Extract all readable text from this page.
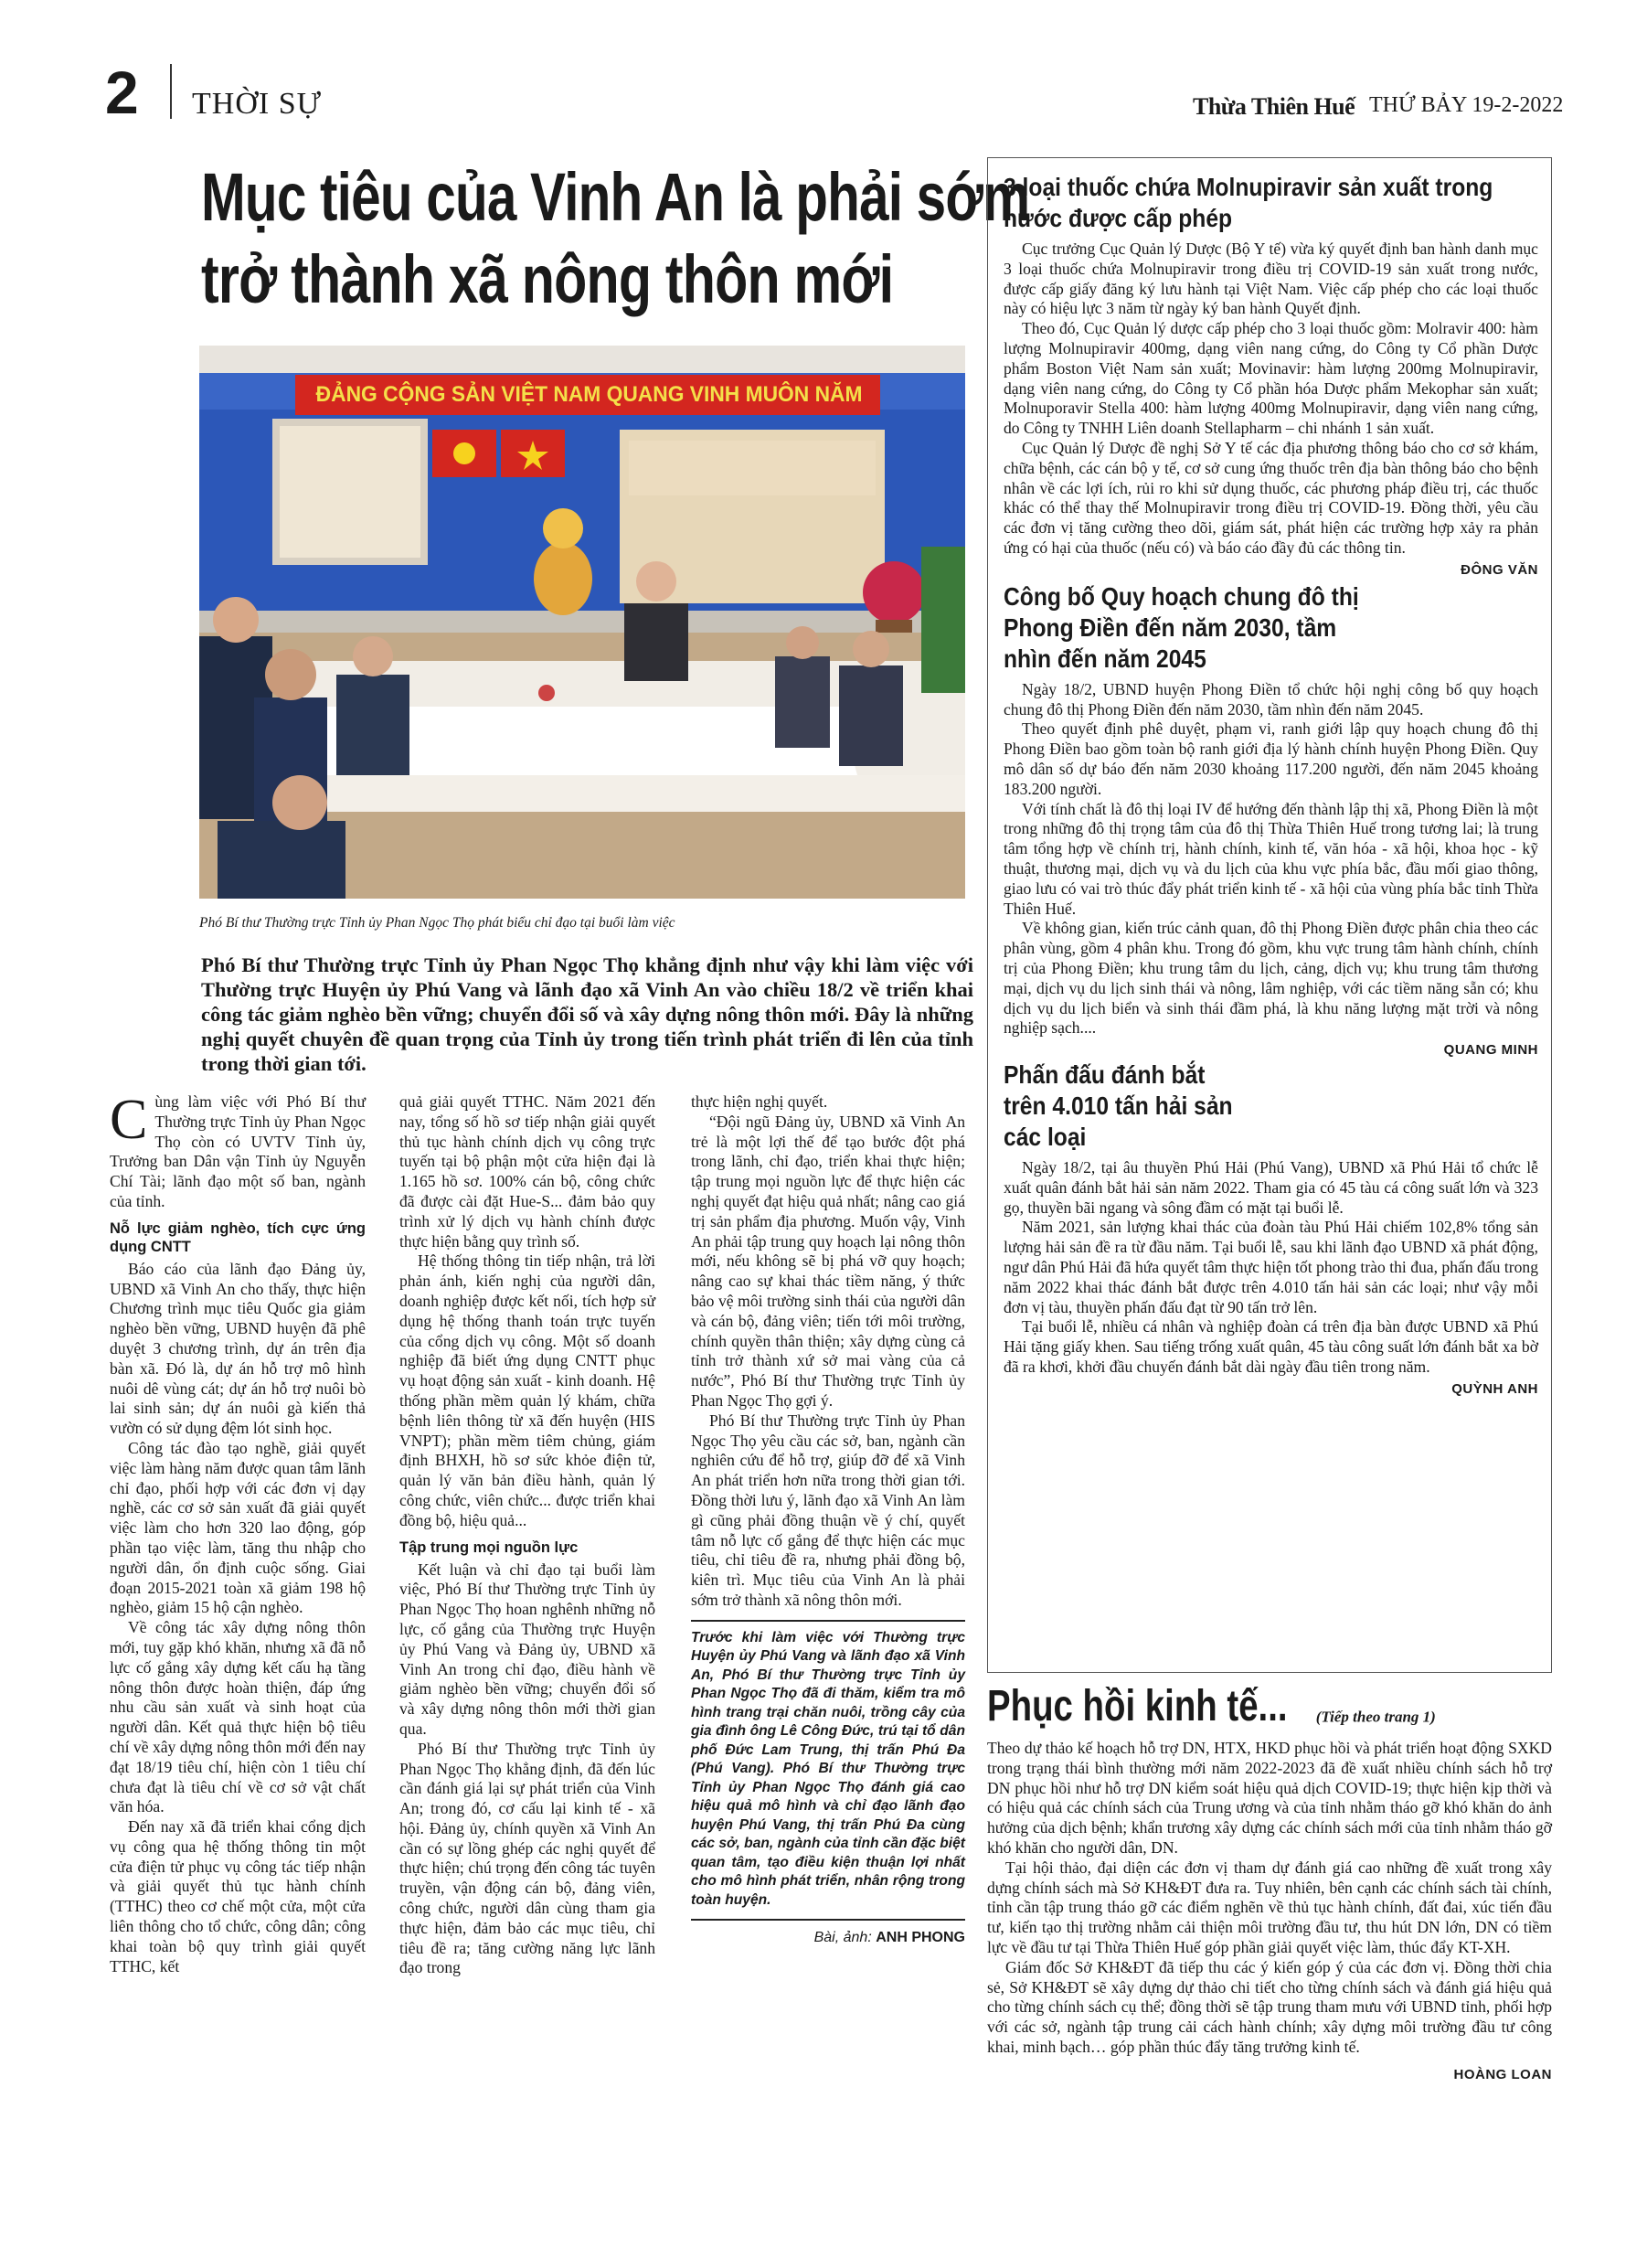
2 THỜI SỰ	Thừa Thiên Huế THỨ BẢY 19-2-2022
Mục tiêu của Vinh An là phải sớm
trở thành xã nông thôn mới
ĐẢNG CỘNG SẢN VIỆT NAM QUANG VINH MUÔN NĂM
Phó Bí thư Thường trực Tỉnh ủy Phan Ngọc Thọ phát biểu chỉ đạo tại buổi làm việc
Phó Bí thư Thường trực Tỉnh ủy Phan Ngọc Thọ khẳng định như vậy khi làm việc với Thường trực Huyện ủy Phú Vang và lãnh đạo xã Vinh An vào chiều 18/2 về triển khai công tác giảm nghèo bền vững; chuyển đổi số và xây dựng nông thôn mới. Đây là những nghị quyết chuyên đề quan trọng của Tỉnh ủy trong tiến trình phát triển đi lên của tỉnh trong thời gian tới.

Cùng làm việc với Phó Bí thư Thường trực Tỉnh ủy Phan Ngọc Thọ còn có UVTV Tỉnh ủy, Trưởng ban Dân vận Tỉnh ủy Nguyễn Chí Tài; lãnh đạo một số ban, ngành của tỉnh.

Nỗ lực giảm nghèo, tích cực ứng dụng CNTT

Báo cáo của lãnh đạo Đảng ủy, UBND xã Vinh An cho thấy, thực hiện Chương trình mục tiêu Quốc gia giảm nghèo bền vững, UBND huyện đã phê duyệt 3 chương trình, dự án trên địa bàn xã. Đó là, dự án hỗ trợ mô hình nuôi dê vùng cát; dự án hỗ trợ nuôi bò lai sinh sản; dự án nuôi gà kiến thả vườn có sử dụng đệm lót sinh học.

Công tác đào tạo nghề, giải quyết việc làm hàng năm được quan tâm lãnh chỉ đạo, phối hợp với các đơn vị dạy nghề, các cơ sở sản xuất đã giải quyết việc làm cho hơn 320 lao động, góp phần tạo việc làm, tăng thu nhập cho người dân, ổn định cuộc sống. Giai đoạn 2015-2021 toàn xã giảm 198 hộ nghèo, giảm 15 hộ cận nghèo.

Về công tác xây dựng nông thôn mới, tuy gặp khó khăn, nhưng xã đã nỗ lực cố gắng xây dựng kết cấu hạ tầng nông thôn được hoàn thiện, đáp ứng nhu cầu sản xuất và sinh hoạt của người dân. Kết quả thực hiện bộ tiêu chí về xây dựng nông thôn mới đến nay đạt 18/19 tiêu chí, hiện còn 1 tiêu chí chưa đạt là tiêu chí về cơ sở vật chất văn hóa.

Đến nay xã đã triển khai cổng dịch vụ công qua hệ thống thông tin một cửa điện tử phục vụ công tác tiếp nhận và giải quyết thủ tục hành chính (TTHC) theo cơ chế một cửa, một cửa liên thông cho tổ chức, công dân; công khai toàn bộ quy trình giải quyết TTHC, kết

quả giải quyết TTHC. Năm 2021 đến nay, tổng số hồ sơ tiếp nhận giải quyết thủ tục hành chính dịch vụ công trực tuyến tại bộ phận một cửa hiện đại là 1.165 hồ sơ. 100% cán bộ, công chức đã được cài đặt Hue-S... đảm bảo quy trình xử lý dịch vụ hành chính được thực hiện bằng quy trình số.

Hệ thống thông tin tiếp nhận, trả lời phản ánh, kiến nghị của người dân, doanh nghiệp được kết nối, tích hợp sử dụng hệ thống thanh toán trực tuyến của cổng dịch vụ công. Một số doanh nghiệp đã biết ứng dụng CNTT phục vụ hoạt động sản xuất - kinh doanh. Hệ thống phần mềm quản lý khám, chữa bệnh liên thông từ xã đến huyện (HIS VNPT); phần mềm tiêm chủng, giám định BHXH, hồ sơ sức khỏe điện tử, quản lý văn bản điều hành, quản lý công chức, viên chức... được triển khai đồng bộ, hiệu quả...

Tập trung mọi nguồn lực

Kết luận và chỉ đạo tại buổi làm việc, Phó Bí thư Thường trực Tỉnh ủy Phan Ngọc Thọ hoan nghênh những nỗ lực, cố gắng của Thường trực Huyện ủy Phú Vang và Đảng ủy, UBND xã Vinh An trong chỉ đạo, điều hành về giảm nghèo bền vững; chuyển đổi số và xây dựng nông thôn mới thời gian qua.

Phó Bí thư Thường trực Tỉnh ủy Phan Ngọc Thọ khẳng định, đã đến lúc cần đánh giá lại sự phát triển của Vinh An; trong đó, cơ cấu lại kinh tế - xã hội. Đảng ủy, chính quyền xã Vinh An cần có sự lồng ghép các nghị quyết để thực hiện; chú trọng đến công tác tuyên truyền, vận động cán bộ, đảng viên, công chức, người dân cùng tham gia thực hiện, đảm bảo các mục tiêu, chỉ tiêu đề ra; tăng cường năng lực lãnh đạo trong

thực hiện nghị quyết.

“Đội ngũ Đảng ủy, UBND xã Vinh An trẻ là một lợi thế để tạo bước đột phá trong lãnh, chỉ đạo, triển khai thực hiện; tập trung mọi nguồn lực để thực hiện các nghị quyết đạt hiệu quả nhất; nâng cao giá trị sản phẩm địa phương. Muốn vậy, Vinh An phải tập trung quy hoạch lại nông thôn mới, nếu không sẽ bị phá vỡ quy hoạch; nâng cao sự khai thác tiềm năng, ý thức bảo vệ môi trường sinh thái của người dân và cán bộ, đảng viên; tiến tới môi trường, chính quyền thân thiện; xây dựng cùng cả tỉnh trở thành xứ sở mai vàng của cả nước”, Phó Bí thư Thường trực Tỉnh ủy Phan Ngọc Thọ gợi ý.

Phó Bí thư Thường trực Tỉnh ủy Phan Ngọc Thọ yêu cầu các sở, ban, ngành cần nghiên cứu để hỗ trợ, giúp đỡ để xã Vinh An phát triển hơn nữa trong thời gian tới. Đồng thời lưu ý, lãnh đạo xã Vinh An làm gì cũng phải đồng thuận về ý chí, quyết tâm nỗ lực cố gắng để thực hiện các mục tiêu, chỉ tiêu đề ra, nhưng phải đồng bộ, kiên trì. Mục tiêu của Vinh An là phải sớm trở thành xã nông thôn mới.

Trước khi làm việc với Thường trực Huyện ủy Phú Vang và lãnh đạo xã Vinh An, Phó Bí thư Thường trực Tỉnh ủy Phan Ngọc Thọ đã đi thăm, kiểm tra mô hình trang trại chăn nuôi, trồng cây của gia đình ông Lê Công Đức, trú tại tổ dân phố Đức Lam Trung, thị trấn Phú Đa (Phú Vang). Phó Bí thư Thường trực Tỉnh ủy Phan Ngọc Thọ đánh giá cao hiệu quả mô hình và chỉ đạo lãnh đạo huyện Phú Vang, thị trấn Phú Đa cùng các sở, ban, ngành của tỉnh cần đặc biệt quan tâm, tạo điều kiện thuận lợi nhất cho mô hình phát triển, nhân rộng trong toàn huyện.
Bài, ảnh: ANH PHONG
3 loại thuốc chứa Molnupiravir sản xuất trong nước được cấp phép

Cục trưởng Cục Quản lý Dược (Bộ Y tế) vừa ký quyết định ban hành danh mục 3 loại thuốc chứa Molnupiravir trong điều trị COVID-19 sản xuất trong nước, được cấp giấy đăng ký lưu hành tại Việt Nam. Việc cấp phép cho các loại thuốc này có hiệu lực 3 năm từ ngày ký ban hành Quyết định.

Theo đó, Cục Quản lý dược cấp phép cho 3 loại thuốc gồm: Molravir 400: hàm lượng Molnupiravir 400mg, dạng viên nang cứng, do Công ty Cổ phần Dược phẩm Boston Việt Nam sản xuất; Movinavir: hàm lượng 200mg Molnupiravir, dạng viên nang cứng, do Công ty Cổ phần hóa Dược phẩm Mekophar sản xuất; Molnuporavir Stella 400: hàm lượng 400mg Molnupiravir, dạng viên nang cứng, do Công ty TNHH Liên doanh Stellapharm – chi nhánh 1 sản xuất.

Cục Quản lý Dược đề nghị Sở Y tế các địa phương thông báo cho cơ sở khám, chữa bệnh, các cán bộ y tế, cơ sở cung ứng thuốc trên địa bàn thông báo cho bệnh nhân về các lợi ích, rủi ro khi sử dụng thuốc, các phương pháp điều trị, các thuốc khác có thể thay thế Molnupiravir trong điều trị COVID-19. Đồng thời, yêu cầu các đơn vị tăng cường theo dõi, giám sát, phát hiện các trường hợp xảy ra phản ứng có hại của thuốc (nếu có) và báo cáo đầy đủ các thông tin.

ĐÔNG VĂN
Công bố Quy hoạch chung đô thị Phong Điền đến năm 2030, tầm nhìn đến năm 2045

Ngày 18/2, UBND huyện Phong Điền tổ chức hội nghị công bố quy hoạch chung đô thị Phong Điền đến năm 2030, tầm nhìn đến năm 2045.

Theo quyết định phê duyệt, phạm vi, ranh giới lập quy hoạch chung đô thị Phong Điền bao gồm toàn bộ ranh giới địa lý hành chính huyện Phong Điền. Quy mô dân số dự báo đến năm 2030 khoảng 117.200 người, đến năm 2045 khoảng 183.200 người.

Với tính chất là đô thị loại IV để hướng đến thành lập thị xã, Phong Điền là một trong những đô thị trọng tâm của đô thị Thừa Thiên Huế trong tương lai; là trung tâm tổng hợp về chính trị, hành chính, kinh tế, văn hóa - xã hội, khoa học - kỹ thuật, thương mại, dịch vụ và du lịch của khu vực phía bắc, đầu mối giao thông, giao lưu có vai trò thúc đẩy phát triển kinh tế - xã hội của vùng phía bắc tỉnh Thừa Thiên Huế.

Về không gian, kiến trúc cảnh quan, đô thị Phong Điền được phân chia theo các phân vùng, gồm 4 phân khu. Trong đó gồm, khu vực trung tâm hành chính, chính trị của Phong Điền; khu trung tâm du lịch, cảng, dịch vụ; khu trung tâm thương mại, dịch vụ du lịch sinh thái và nông, lâm nghiệp, với các tiềm năng sẵn có; khu dịch vụ du lịch biển và sinh thái đầm phá, là khu năng lượng mặt trời và nông nghiệp sạch....

QUANG MINH
Phấn đấu đánh bắt trên 4.010 tấn hải sản các loại

Ngày 18/2, tại âu thuyền Phú Hải (Phú Vang), UBND xã Phú Hải tổ chức lễ xuất quân đánh bắt hải sản năm 2022. Tham gia có 45 tàu cá công suất lớn và 323 gọ, thuyền bãi ngang và sông đầm có mặt tại buổi lễ.

Năm 2021, sản lượng khai thác của đoàn tàu Phú Hải chiếm 102,8% tổng sản lượng hải sản đề ra từ đầu năm. Tại buổi lễ, sau khi lãnh đạo UBND xã phát động, ngư dân Phú Hải đã hứa quyết tâm thực hiện tốt phong trào thi đua, phấn đấu trong năm 2022 khai thác đánh bắt được trên 4.010 tấn hải sản các loại; như vậy mỗi đơn vị tàu, thuyền phấn đấu đạt từ 90 tấn trở lên.

Tại buổi lễ, nhiều cá nhân và nghiệp đoàn cá trên địa bàn được UBND xã Phú Hải tặng giấy khen. Sau tiếng trống xuất quân, 45 tàu công suất lớn đánh bắt xa bờ đã ra khơi, khởi đầu chuyến đánh bắt dài ngày đầu tiên trong năm.

QUỲNH ANH
Phục hồi kinh tế... (Tiếp theo trang 1)

Theo dự thảo kế hoạch hỗ trợ DN, HTX, HKD phục hồi và phát triển hoạt động SXKD trong trạng thái bình thường mới năm 2022-2023 đã đề xuất nhiều chính sách hỗ trợ DN phục hồi như hỗ trợ DN kiểm soát hiệu quả dịch COVID-19; thực hiện kịp thời và có hiệu quả các chính sách của Trung ương và của tỉnh nhằm tháo gỡ khó khăn do ảnh hưởng của dịch bệnh; khẩn trương xây dựng các chính sách mới của tỉnh nhằm tháo gỡ khó khăn cho người dân, DN.

Tại hội thảo, đại diện các đơn vị tham dự đánh giá cao những đề xuất trong xây dựng chính sách mà Sở KH&ĐT đưa ra. Tuy nhiên, bên cạnh các chính sách tài chính, tỉnh cần tập trung tháo gỡ các điểm nghẽn về thủ tục hành chính, đất đai, xúc tiến đầu tư, kiến tạo thị trường nhằm cải thiện môi trường đầu tư, thu hút DN lớn, DN có tiềm lực về đầu tư tại Thừa Thiên Huế góp phần giải quyết việc làm, thúc đẩy KT-XH.

Giám đốc Sở KH&ĐT đã tiếp thu các ý kiến góp ý của các đơn vị. Đồng thời chia sẻ, Sở KH&ĐT sẽ xây dựng dự thảo chi tiết cho từng chính sách và đánh giá hiệu quả cho từng chính sách cụ thể; đồng thời sẽ tập trung tham mưu với UBND tỉnh, phối hợp với các sở, ngành tập trung cải cách hành chính; xây dựng môi trường đầu tư công khai, minh bạch… góp phần thúc đẩy tăng trưởng kinh tế.

HOÀNG LOAN
